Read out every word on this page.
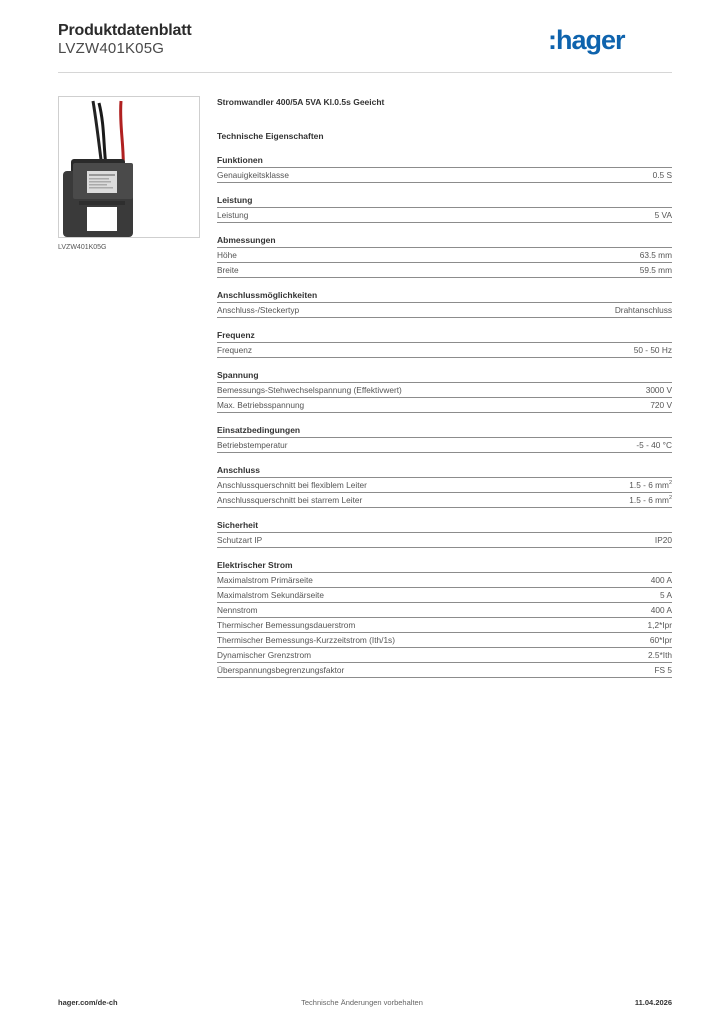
Produktdatenblatt
LVZW401K05G	:hager
LVZW401K05G
Stromwandler 400/5A 5VA Kl.0.5s Geeicht
Technische Eigenschaften
Funktionen
Genauigkeitsklasse	0.5 S
Leistung
Leistung	5 VA
Abmessungen
Höhe	63.5 mm
Breite	59.5 mm
Anschlussmöglichkeiten
Anschluss-/Steckertyp	Drahtanschluss
Frequenz
Frequenz	50 - 50 Hz
Spannung
Bemessungs-Stehwechselspannung (Effektivwert)	3000 V
Max. Betriebsspannung	720 V
Einsatzbedingungen
Betriebstemperatur	-5 - 40 °C
Anschluss
Anschlussquerschnitt bei flexiblem Leiter	1.5 - 6 $mm^2$
Anschlussquerschnitt bei starrem Leiter	1.5 - 6 $mm^2$
Sicherheit
Schutzart IP	IP20
Elektrischer Strom
Maximalstrom Primärseite	400 A
Maximalstrom Sekundärseite	5 A
Nennstrom	400 A
Thermischer Bemessungsdauerstrom	1,2*Ipr
Thermischer Bemessungs-Kurzzeitstrom (Ith/1s)	60*Ipr
Dynamischer Grenzstrom	2.5*Ith
Überspannungsbegrenzungsfaktor	FS 5
hager.com/de-ch	Technische Änderungen vorbehalten	11.04.2026
